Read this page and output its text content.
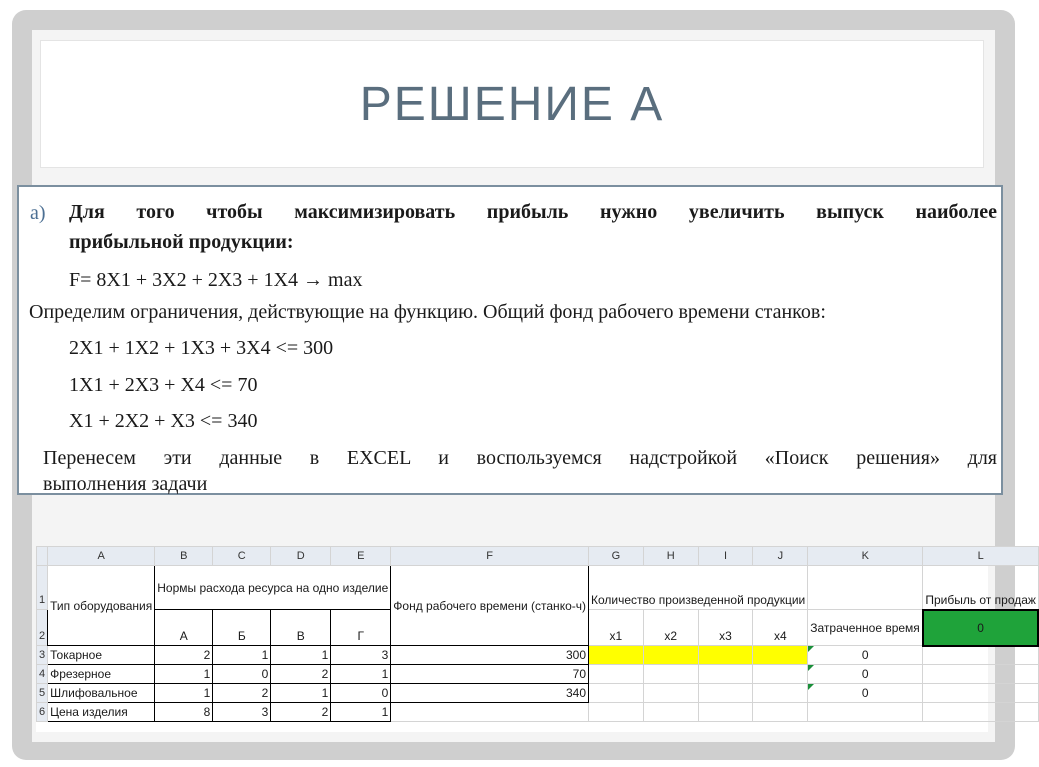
РЕШЕНИЕ А
а) Для того чтобы максимизировать прибыль нужно увеличить выпуск наиболее
прибыльной продукции:
F= 8X1 + 3X2 + 2X3 + 1X4 → max
Определим ограничения, действующие на функцию. Общий фонд рабочего времени станков:
2X1 + 1X2 + 1X3 + 3X4 <= 300
1X1 + 2X3 + X4 <= 70
X1 + 2X2 + X3 <= 340
Перенесем эти данные в EXCEL и воспользуемся надстройкой «Поиск решения» для
выполнения задачи
	A	B	C	D	E	F	G	H	I	J	K	L
1	Тип оборудования	Нормы расхода ресурса на одно изделие				Фонд рабочего времени (станко-ч)	Количество произведенной продукции					Прибыль от продаж
2		А	Б	В	Г		x1	x2	x3	x4	Затраченное время	0
3	Токарное	2	1	1	3	300					0	
4	Фрезерное	1	0	2	1	70					0	
5	Шлифовальное	1	2	1	0	340					0	
6	Цена изделия	8	3	2	1							
